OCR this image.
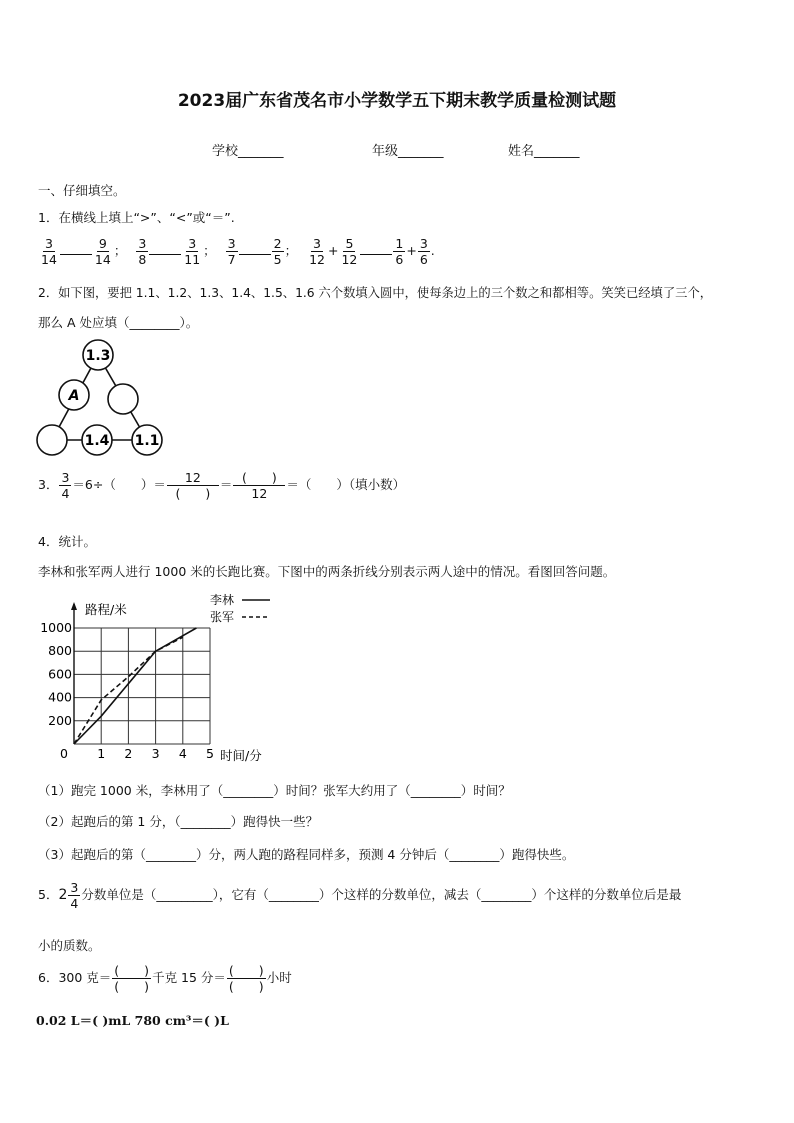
2023届广东省茂名市小学数学五下期末教学质量检测试题
学校_______	年级_______	姓名_______
一、仔细填空。
1．在横线上填上“>”、“<”或“＝”.
$\frac{3}{14}$	$\frac{9}{14}$ ； $\frac{3}{8}$	$\frac{3}{11}$ ； $\frac{3}{7}$	$\frac{2}{5}$ ； $\frac{3}{12} + \frac{5}{12}$	$\frac{1}{6} + \frac{3}{6}$ .
2．如下图，要把 1.1、1.2、1.3、1.4、1.5、1.6 六个数填入圆中，使每条边上的三个数之和都相等。笑笑已经填了三个，
那么 A 处应填（________）。
1.3
A
1.4 1.1
3． $\frac{3}{4} =6\div$（　　）＝ $\frac{12}{( )} = \frac{( )}{12}$ ＝（　　）（填小数）
4．统计。
李林和张军两人进行 1000 米的长跑比赛。下图中的两条折线分别表示两人途中的情况。看图回答问题。
路程/米
时间/分
李林
张军
0 1 2 3 4 5
1000
800
600
400
200
（1）跑完 1000 米，李林用了（________）时间？张军大约用了（________）时间？
（2）起跑后的第 1 分，（________）跑得快一些？
（3）起跑后的第（________）分，两人跑的路程同样多，预测 4 分钟后（________）跑得快些。
5．$2 \frac{3}{4}$ 分数单位是（_________），它有（________）个这样的分数单位，减去（________）个这样的分数单位后是最
小的质数。
6．300 克＝ $\frac{( )}{( )}$ 千克 15 分＝ $\frac{( )}{( )}$ 小时
0.02 L＝( )mL 780 cm³＝( )L
